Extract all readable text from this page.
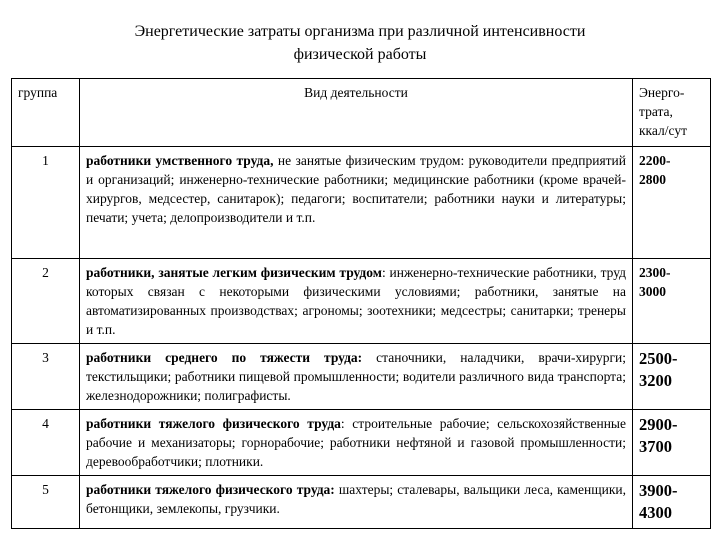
Энергетические затраты организма при различной интенсивности
физической работы
группа	Вид деятельности	Энерго-
трата,
ккал/сут

1	работники умственного труда, не занятые физическим трудом: руководители предприятий и организаций; инженерно-технические работники; медицинские работники (кроме врачей-хирургов, медсестер, санитарок); педагоги; воспитатели; работники науки и литературы; печати; учета; делопроизводители и т.п.	2200-
2800

2	работники, занятые легким физическим трудом: инженерно-технические работники, труд которых связан с некоторыми физическими условиями; работники, занятые на автоматизированных производствах; агрономы; зоотехники; медсестры; санитарки; тренеры и т.п.	2300-
3000

3	работники среднего по тяжести труда: станочники, наладчики, врачи-хирурги; текстильщики; работники пищевой промышленности; водители различного вида транспорта; железнодорожники; полиграфисты.	2500-
3200

4	работники тяжелого физического труда: строительные рабочие; сельскохозяйственные рабочие и механизаторы; горнорабочие; работники нефтяной и газовой промышленности; деревообработчики; плотники.	2900-
3700

5	работники тяжелого физического труда: шахтеры; сталевары, вальщики леса, каменщики, бетонщики, землекопы, грузчики.	3900-
4300
